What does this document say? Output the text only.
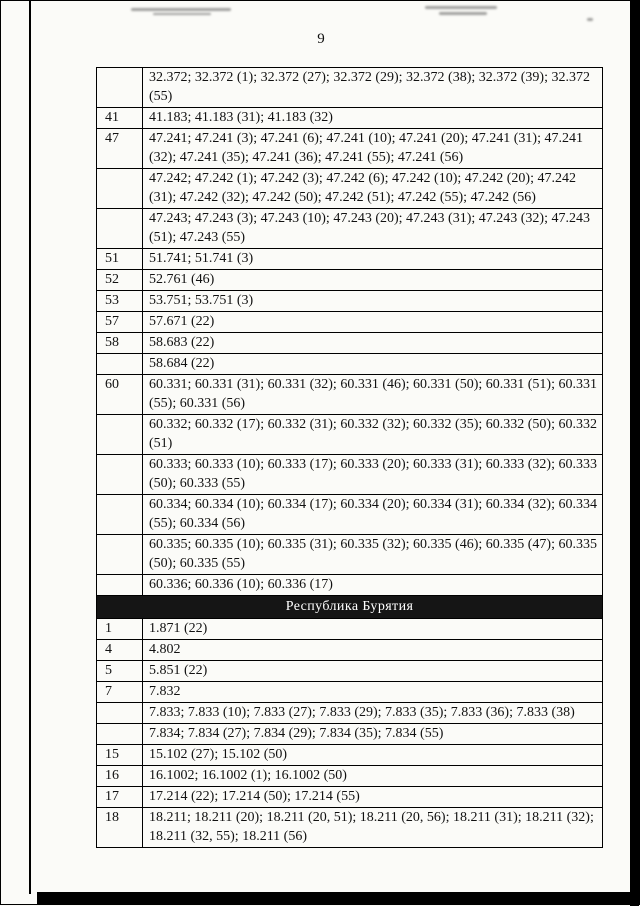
9
	32.372; 32.372 (1); 32.372 (27); 32.372 (29); 32.372 (38); 32.372 (39); 32.372 (55)
41	41.183; 41.183 (31); 41.183 (32)
47	47.241; 47.241 (3); 47.241 (6); 47.241 (10); 47.241 (20); 47.241 (31); 47.241 (32); 47.241 (35); 47.241 (36); 47.241 (55); 47.241 (56)
	47.242; 47.242 (1); 47.242 (3); 47.242 (6); 47.242 (10); 47.242 (20); 47.242 (31); 47.242 (32); 47.242 (50); 47.242 (51); 47.242 (55); 47.242 (56)
	47.243; 47.243 (3); 47.243 (10); 47.243 (20); 47.243 (31); 47.243 (32); 47.243 (51); 47.243 (55)
51	51.741; 51.741 (3)
52	52.761 (46)
53	53.751; 53.751 (3)
57	57.671 (22)
58	58.683 (22)
	58.684 (22)
60	60.331; 60.331 (31); 60.331 (32); 60.331 (46); 60.331 (50); 60.331 (51); 60.331 (55); 60.331 (56)
	60.332; 60.332 (17); 60.332 (31); 60.332 (32); 60.332 (35); 60.332 (50); 60.332 (51)
	60.333; 60.333 (10); 60.333 (17); 60.333 (20); 60.333 (31); 60.333 (32); 60.333 (50); 60.333 (55)
	60.334; 60.334 (10); 60.334 (17); 60.334 (20); 60.334 (31); 60.334 (32); 60.334 (55); 60.334 (56)
	60.335; 60.335 (10); 60.335 (31); 60.335 (32); 60.335 (46); 60.335 (47); 60.335 (50); 60.335 (55)
	60.336; 60.336 (10); 60.336 (17)
Республика Бурятия	
1	1.871 (22)
4	4.802
5	5.851 (22)
7	7.832
	7.833; 7.833 (10); 7.833 (27); 7.833 (29); 7.833 (35); 7.833 (36); 7.833 (38)
	7.834; 7.834 (27); 7.834 (29); 7.834 (35); 7.834 (55)
15	15.102 (27); 15.102 (50)
16	16.1002; 16.1002 (1); 16.1002 (50)
17	17.214 (22); 17.214 (50); 17.214 (55)
18	18.211; 18.211 (20); 18.211 (20, 51); 18.211 (20, 56); 18.211 (31); 18.211 (32); 18.211 (32, 55); 18.211 (56)
